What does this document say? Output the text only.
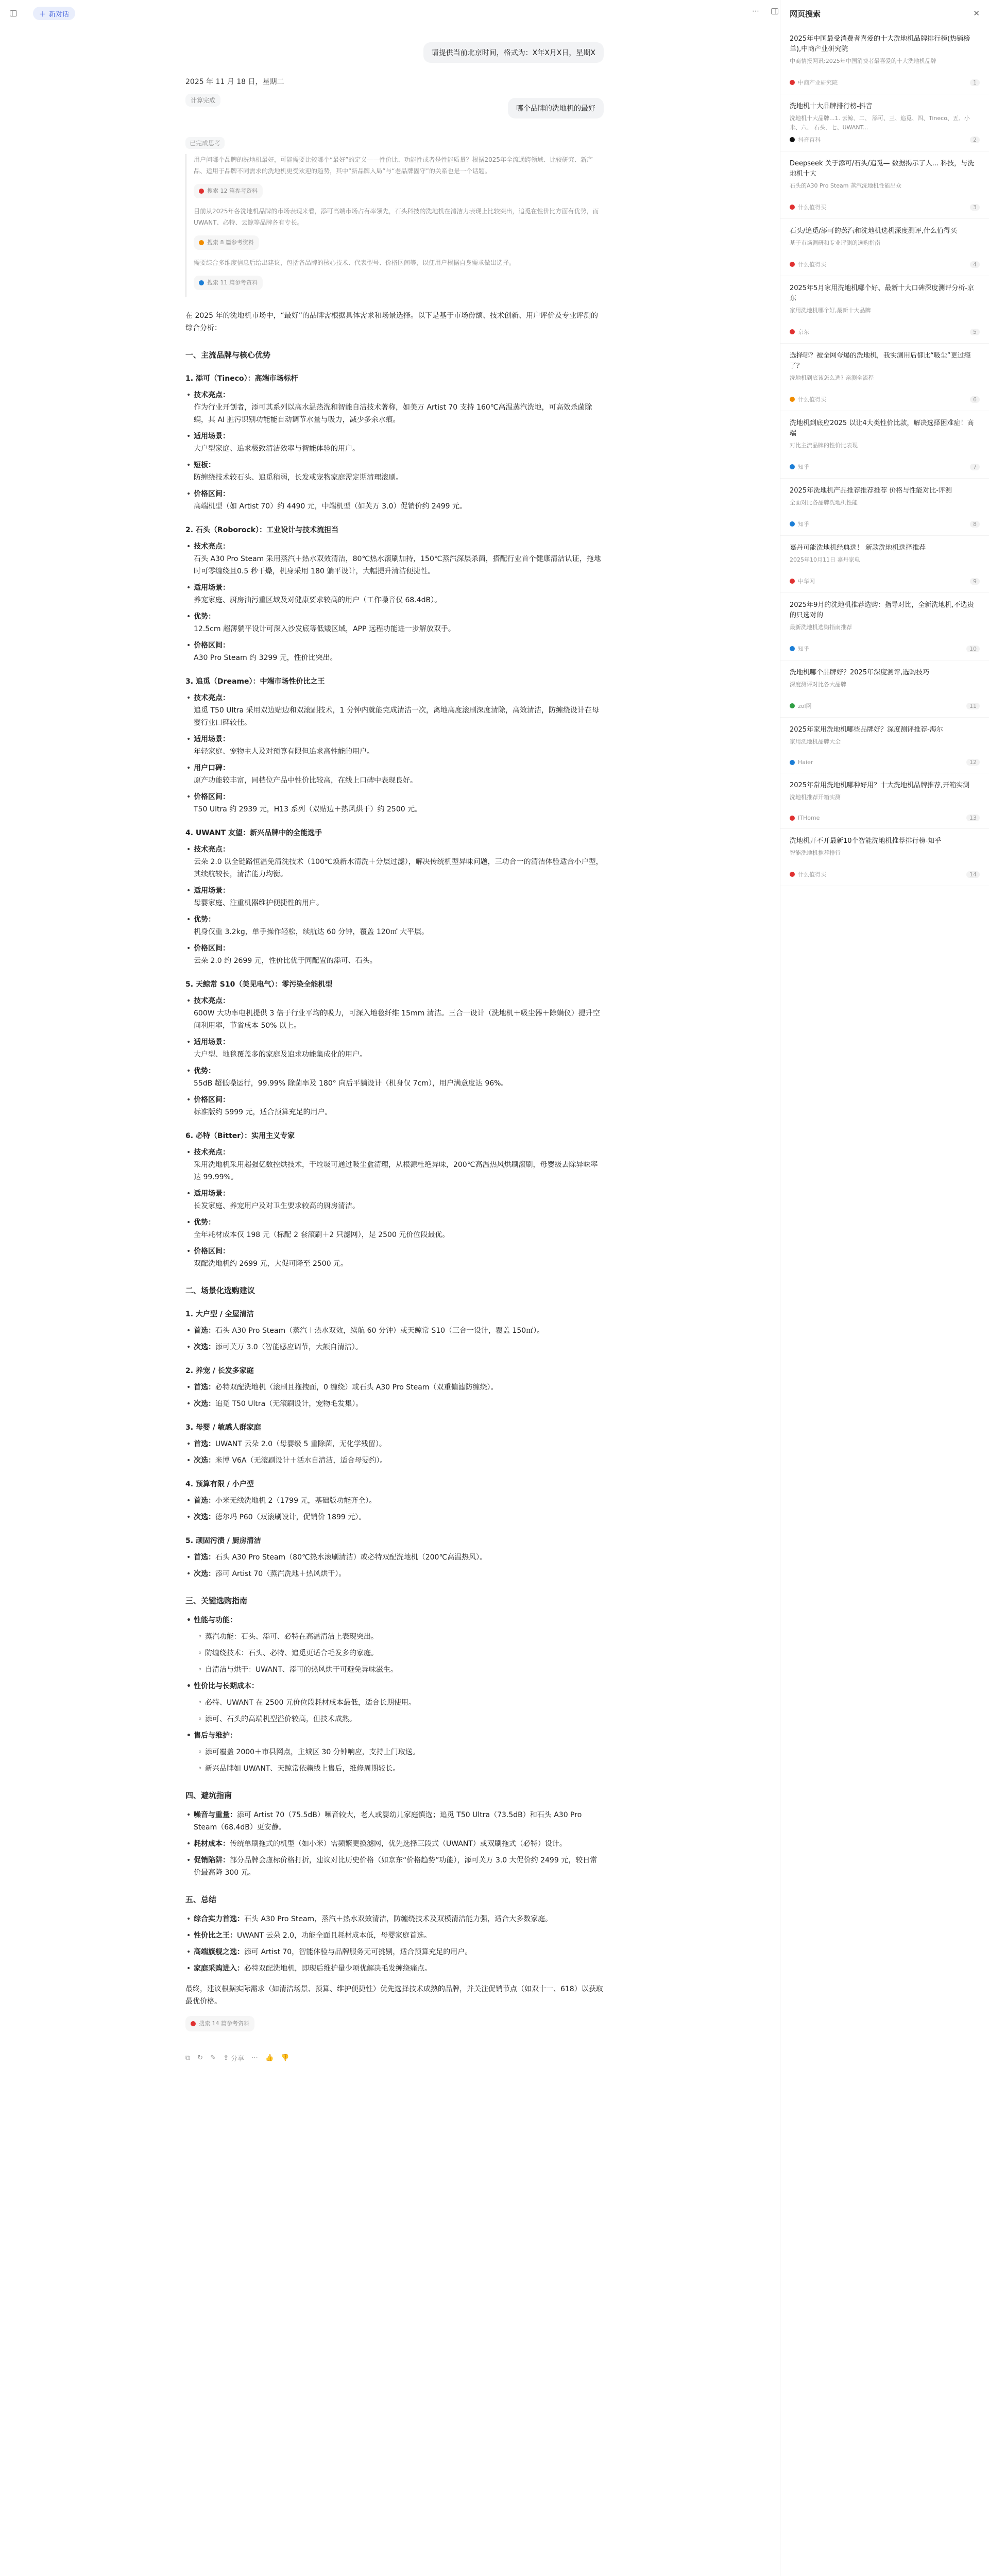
＋ 新对话	⋯
请提供当前北京时间，格式为：X年X月X日，星期X
2025 年 11 月 18 日，星期二
计算完成
哪个品牌的洗地机的最好
已完成思考

用户问哪个品牌的洗地机最好，可能需要比较哪个“最好”的定义——性价比、功能性或者是性能质量？根据2025年全流通跨领域、比较研究、新产品、适用于品牌不同需求的洗地机更受欢迎的趋势，其中“新品牌入局”与“老品牌固守”的关系也是一个话题。

搜索 12 篇参考资料

目前从2025年各洗地机品牌的市场表现来看，添可高端市场占有率领先，石头科技的洗地机在清洁力表现上比较突出，追觅在性价比方面有优势，而UWANT、必特、云鲸等品牌各有专长。

搜索 8 篇参考资料

需要综合多维度信息后给出建议，包括各品牌的核心技术、代表型号、价格区间等，以便用户根据自身需求做出选择。

搜索 11 篇参考资料

在 2025 年的洗地机市场中，“最好”的品牌需根据具体需求和场景选择。以下是基于市场份额、技术创新、用户评价及专业评测的综合分析：

一、主流品牌与核心优势
1. 添可（Tineco）：高端市场标杆
• 技术亮点：
作为行业开创者，添可其系列以高水温热洗和智能自洁技术著称，如美万 Artist 70 支持 160℃高温蒸汽洗地，可高效杀菌除螨，其 AI 脏污识别功能能自动调节水量与吸力，减少多余水痕。
• 适用场景：
大户型家庭、追求极致清洁效率与智能体验的用户。
• 短板：
防缠绕技术较石头、追觅稍弱，长发或宠物家庭需定期清理滚刷。
• 价格区间：
高端机型（如 Artist 70）约 4490 元，中端机型（如芙万 3.0）促销价约 2499 元。
2. 石头（Roborock）：工业设计与技术流担当
• 技术亮点：
石头 A30 Pro Steam 采用蒸汽＋热水双效清洁，80℃热水滚刷加持，150℃蒸汽深层杀菌，搭配行业首个健康清洁认证，拖地时可零缠绕且0.5 秒干燥，机身采用 180 躺平设计，大幅提升清洁便捷性。
• 适用场景：
养宠家庭、厨房油污重区域及对健康要求较高的用户（工作噪音仅 68.4dB）。
• 优势：
12.5cm 超薄躺平设计可深入沙发底等低矮区域，APP 远程功能进一步解放双手。
• 价格区间：
A30 Pro Steam 约 3299 元，性价比突出。
3. 追觅（Dreame）：中端市场性价比之王
• 技术亮点：
追觅 T50 Ultra 采用双边贴边和双滚刷技术，1 分钟内就能完成清洁一次，离地高度滚刷深度清除，高效清洁，防缠绕设计在母婴行业口碑较佳。
• 适用场景：
年轻家庭、宠物主人及对预算有限但追求高性能的用户。
• 用户口碑：
原产功能较丰富，同档位产品中性价比较高，在线上口碑中表现良好。
• 价格区间：
T50 Ultra 约 2939 元，H13 系列（双贴边＋热风烘干）约 2500 元。
4. UWANT 友望：新兴品牌中的全能选手
• 技术亮点：
云朵 2.0 以全链路恒温免清洗技术（100℃焕新水清洗＋分层过滤），解决传统机型异味问题，三功合一的清洁体验适合小户型，其续航较长，清洁能力均衡。
• 适用场景：
母婴家庭、注重机器维护便捷性的用户。
• 优势：
机身仅重 3.2kg，单手操作轻松，续航达 60 分钟，覆盖 120㎡ 大平层。
• 价格区间：
云朵 2.0 约 2699 元，性价比优于同配置的添可、石头。
5. 天鲸常 S10（美见电气）：零污染全能机型
• 技术亮点：
600W 大功率电机提供 3 倍于行业平均的吸力，可深入地毯纤维 15mm 清洁。三合一设计（洗地机＋吸尘器＋除螨仪）提升空间利用率，节省成本 50% 以上。
• 适用场景：
大户型、地毯覆盖多的家庭及追求功能集成化的用户。
• 优势：
55dB 超低噪运行，99.99% 除菌率及 180° 向后平躺设计（机身仅 7cm），用户满意度达 96%。
• 价格区间：
标准版约 5999 元，适合预算充足的用户。
6. 必特（Bitter）：实用主义专家
• 技术亮点：
采用洗地机采用超强亿数控烘技术，干垃圾可通过吸尘盒清理，从根源杜绝异味，200℃高温热风烘刷滚刷，母婴级去除异味率达 99.99%。
• 适用场景：
长发家庭、养宠用户及对卫生要求较高的厨房清洁。
• 优势：
全年耗材成本仅 198 元（标配 2 套滚刷＋2 只滤网），是 2500 元价位段最优。
• 价格区间：
双配洗地机约 2699 元，大促可降至 2500 元。
二、场景化选购建议
1. 大户型 / 全屋清洁
• 首选：石头 A30 Pro Steam（蒸汽＋热水双效，续航 60 分钟）或天鲸常 S10（三合一设计，覆盖 150㎡）。
• 次选：添可芙万 3.0（智能感应调节，大额自清洁）。
2. 养宠 / 长发多家庭
• 首选：必特双配洗地机（滚刷且拖拽面，0 缠绕）或石头 A30 Pro Steam（双重偏滤防缠绕）。
• 次选：追觅 T50 Ultra（无滚刷设计，宠物毛发集）。
3. 母婴 / 敏感人群家庭
• 首选：UWANT 云朵 2.0（母婴级 5 重除菌，无化学残留）。
• 次选：米博 V6A（无滚刷设计＋活水自清洁，适合母婴约）。
4. 预算有限 / 小户型
• 首选：小米无线洗地机 2（1799 元，基础版功能齐全）。
• 次选：德尔玛 P60（双滚刷设计，促销价 1899 元）。
5. 顽固污渍 / 厨房清洁
• 首选：石头 A30 Pro Steam（80℃热水滚刷清洁）或必特双配洗地机（200℃高温热风）。
• 次选：添可 Artist 70（蒸汽洗地＋热风烘干）。
三、关键选购指南
• 性能与功能：
◦ 蒸汽功能：石头、添可、必特在高温清洁上表现突出。
◦ 防缠绕技术：石头、必特、追觅更适合毛发多的家庭。
◦ 自清洁与烘干：UWANT、添可的热风烘干可避免异味滋生。
• 性价比与长期成本：
◦ 必特、UWANT 在 2500 元价位段耗材成本最低，适合长期使用。
◦ 添可、石头的高端机型溢价较高，但技术成熟。
• 售后与维护：
◦ 添可覆盖 2000＋市县网点，主城区 30 分钟响应，支持上门取送。
◦ 新兴品牌如 UWANT、天鲸常依赖线上售后，维修周期较长。
四、避坑指南
• 噪音与重量：添可 Artist 70（75.5dB）噪音较大，老人或婴幼儿家庭慎选；追觅 T50 Ultra（73.5dB）和石头 A30 Pro Steam（68.4dB）更安静。
• 耗材成本：传统单刷拖式的机型（如小米）需频繁更换滤网，优先选择三段式（UWANT）或双刷拖式（必特）设计。
• 促销陷阱：部分品牌会虚标价格打折，建议对比历史价格（如京东“价格趋势”功能），添可芙万 3.0 大促价约 2499 元，较日常价最高降 300 元。
五、总结
• 综合实力首选：石头 A30 Pro Steam，蒸汽＋热水双效清洁，防缠绕技术及双模清洁能力强，适合大多数家庭。
• 性价比之王：UWANT 云朵 2.0，功能全面且耗材成本低，母婴家庭首选。
• 高端旗舰之选：添可 Artist 70，智能体验与品牌服务无可挑剔，适合预算充足的用户。
• 家庭采购进入：必特双配洗地机，即现后维护量少项优解决毛发缠绕痛点。

最终，建议根据实际需求（如清洁场景、预算、维护便捷性）优先选择技术成熟的品牌，并关注促销节点（如双十一、618）以获取最优价格。

搜索 14 篇参考资料
⧉ ↻ ✎ ⇪ 分享 ⋯ 👍 👎
网页搜索	✕
2025年中国最受消费者喜爱的十大洗地机品牌排行榜(热销榜单),中商产业研究院
中商情报网讯:2025年中国消费者最喜爱的十大洗地机品牌
中商产业研究院	1
洗地机十大品牌排行榜-抖音
洗地机十大品牌...1. 云鲸、二、 添可、三、追觅、四、Tineco、五、小米、六、 石头、七、UWANT...
抖音百科	2
Deepseek 关于添可/石头/追觅— 数据揭示了人... 科技，与洗地机十大
石头的A30 Pro Steam 蒸汽洗地机性能出众
什么值得买	3
石头/追觅/添可的蒸汽和洗地机选机深度测评,什么值得买
基于市场调研和专业评测的选购指南
什么值得买	4
2025年5月家用洗地机哪个好、最新十大口碑深度测评分析-京东
家用洗地机哪个好,最新十大品牌
京东	5
选择哪？被全网夸爆的洗地机，我实测用后都比“吸尘”更过瘾了？
洗地机到底该怎么选? 亲测全流程
什么值得买	6
洗地机到底应2025 以让4大类性价比款，解决选择困难症！高端
对比主流品牌的性价比表现
知乎	7
2025年洗地机产品推荐推荐推荐 价格与性能对比-评测
全面对比各品牌洗地机性能
知乎	8
嘉丹可能洗地机经典选！ 新款洗地机选择推荐
2025年10月11日 嘉丹家电
中华网	9
2025年9月的洗地机推荐选购：指导对比，全新洗地机,不选贵的只选对的
最新洗地机选购指南推荐
知乎	10
洗地机哪个品牌好？2025年深度测评,选购技巧
深度测评对比各大品牌
zol网	11
2025年家用洗地机哪些品牌好？深度测评推荐-海尔
家用洗地机品牌大全
Haier	12
2025年常用洗地机哪种好用？十大洗地机品牌推荐,开箱实测
洗地机推荐开箱实测
ITHome	13
洗地机开不开最新10个智能洗地机推荐排行榜-知乎
智能洗地机推荐排行
什么值得买	14
